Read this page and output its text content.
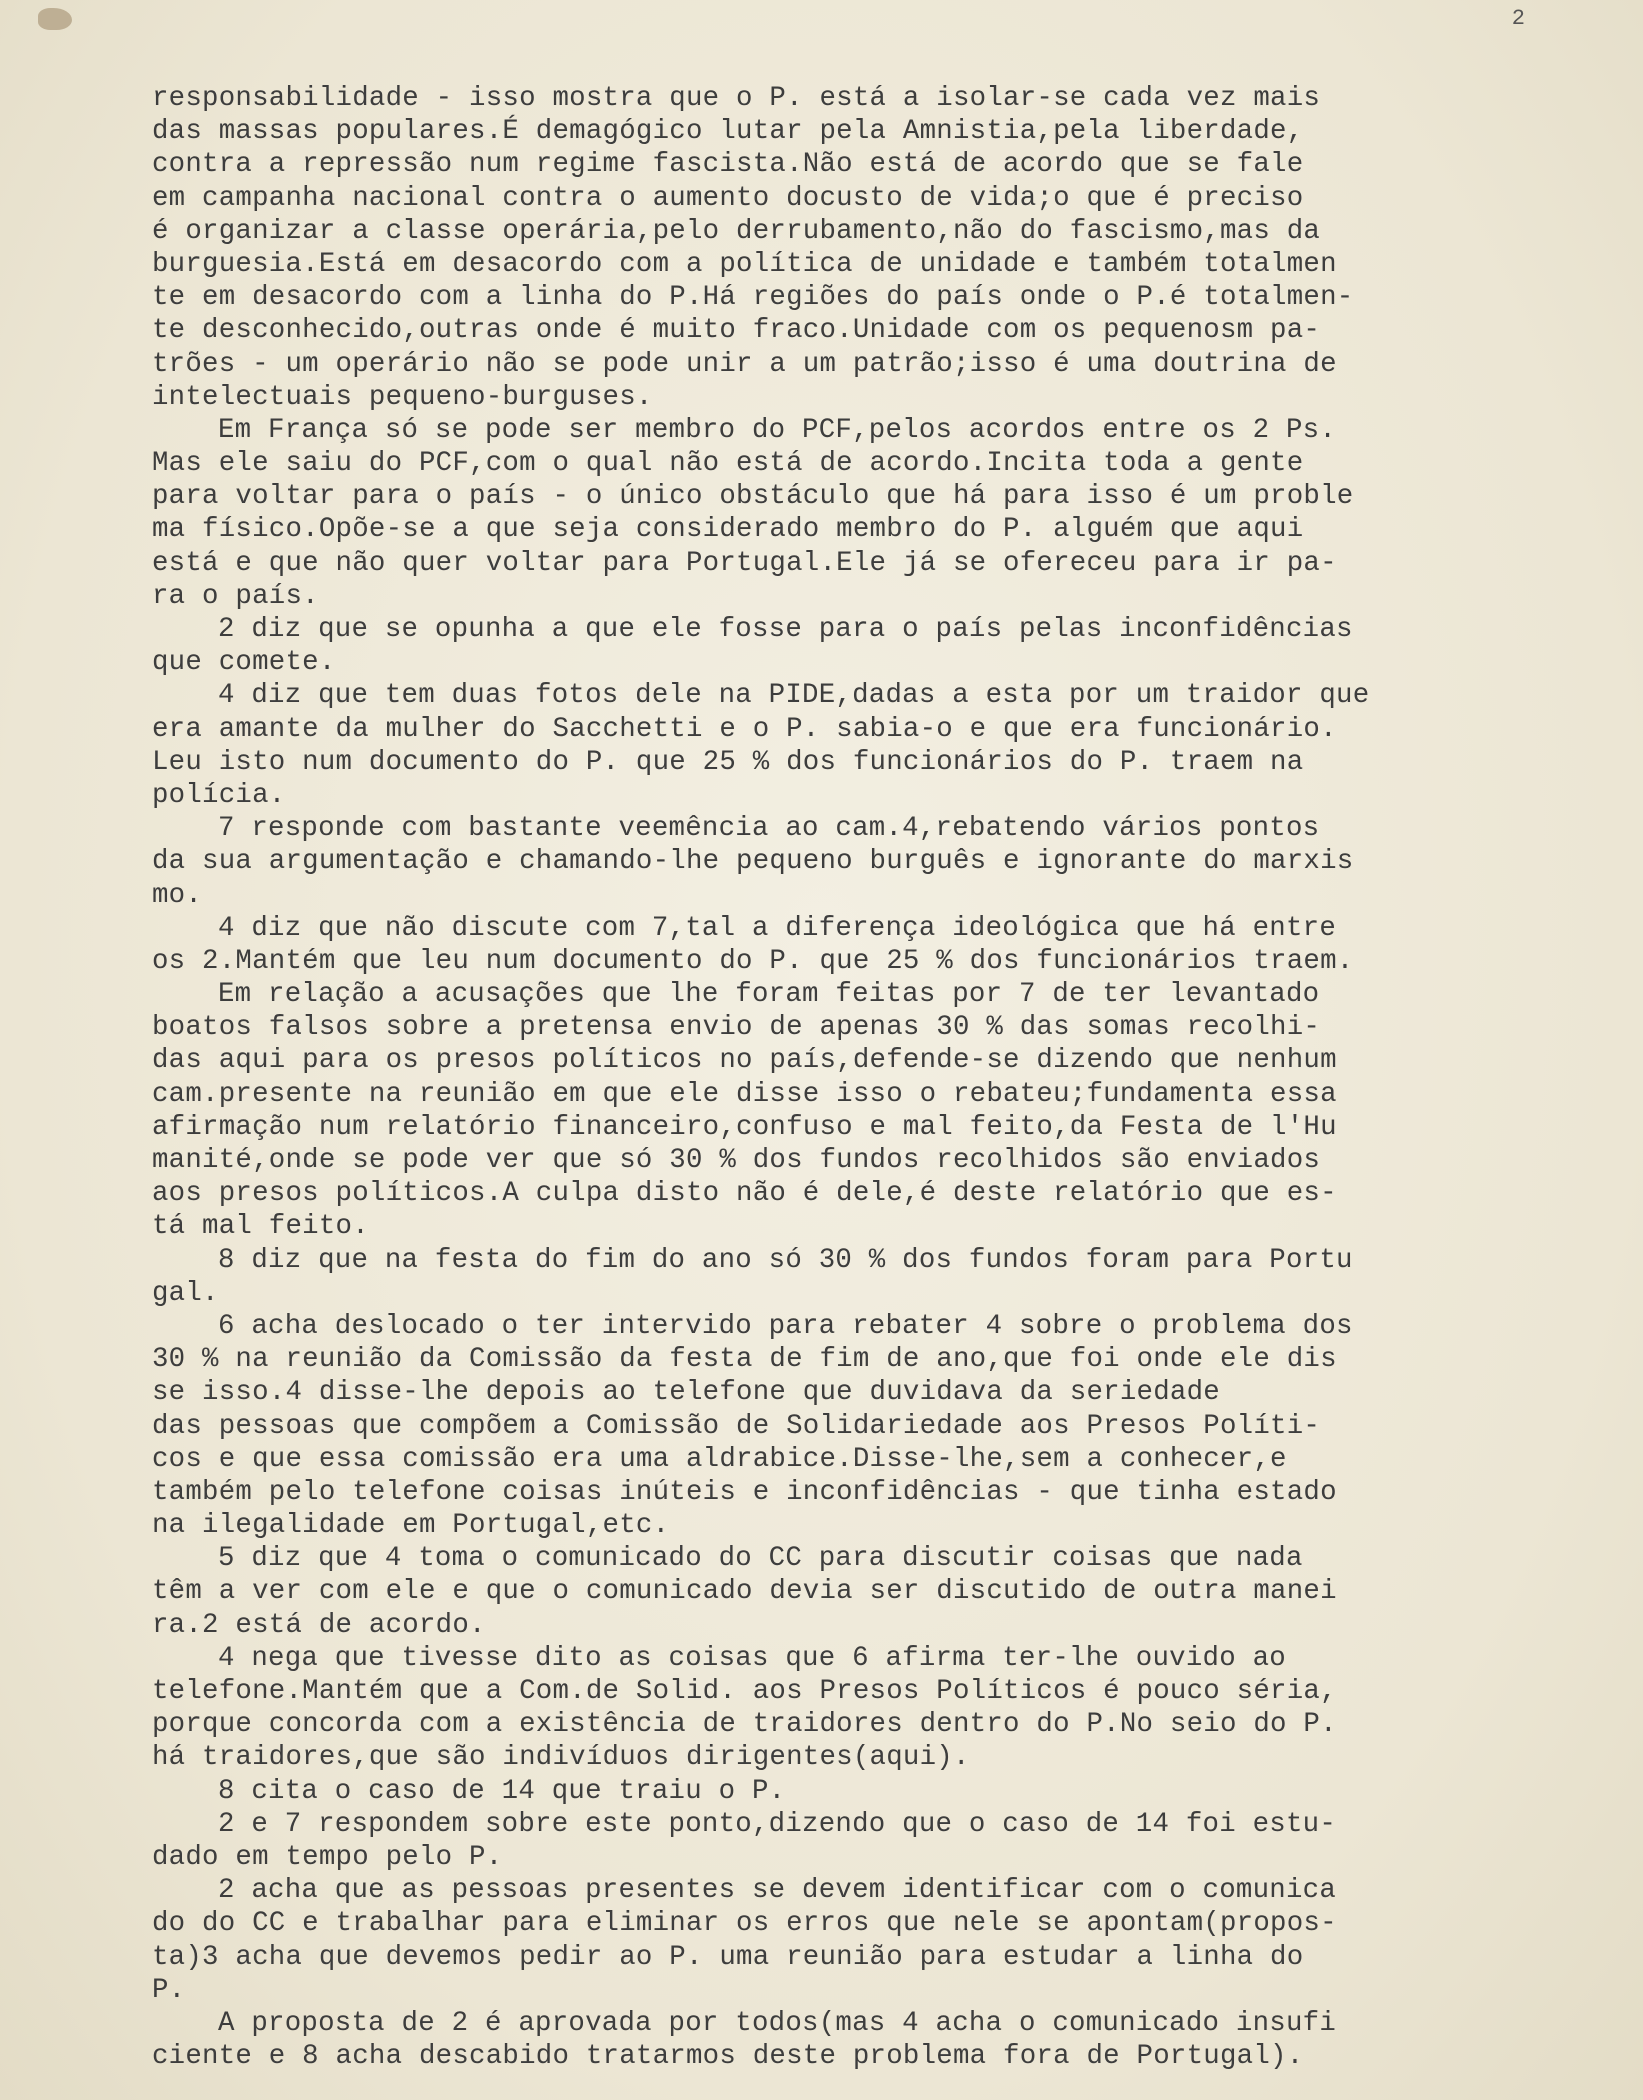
2
responsabilidade - isso mostra que o P. está a isolar-se cada vez mais
das massas populares.É demagógico lutar pela Amnistia,pela liberdade,
contra a repressão num regime fascista.Não está de acordo que se fale
em campanha nacional contra o aumento docusto de vida;o que é preciso
é organizar a classe operária,pelo derrubamento,não do fascismo,mas da
burguesia.Está em desacordo com a política de unidade e também totalmen
te em desacordo com a linha do P.Há regiões do país onde o P.é totalmen-
te desconhecido,outras onde é muito fraco.Unidade com os pequenosm pa-
trões - um operário não se pode unir a um patrão;isso é uma doutrina de
intelectuais pequeno-burguses.
Em França só se pode ser membro do PCF,pelos acordos entre os 2 Ps.
Mas ele saiu do PCF,com o qual não está de acordo.Incita toda a gente
para voltar para o país - o único obstáculo que há para isso é um proble
ma físico.Opõe-se a que seja considerado membro do P. alguém que aqui
está e que não quer voltar para Portugal.Ele já se ofereceu para ir pa-
ra o país.
2 diz que se opunha a que ele fosse para o país pelas inconfidências
que comete.
4 diz que tem duas fotos dele na PIDE,dadas a esta por um traidor que
era amante da mulher do Sacchetti e o P. sabia-o e que era funcionário.
Leu isto num documento do P. que 25 % dos funcionários do P. traem na
polícia.
7 responde com bastante veemência ao cam.4,rebatendo vários pontos
da sua argumentação e chamando-lhe pequeno burguês e ignorante do marxis
mo.
4 diz que não discute com 7,tal a diferença ideológica que há entre
os 2.Mantém que leu num documento do P. que 25 % dos funcionários traem.
Em relação a acusações que lhe foram feitas por 7 de ter levantado
boatos falsos sobre a pretensa envio de apenas 30 % das somas recolhi-
das aqui para os presos políticos no país,defende-se dizendo que nenhum
cam.presente na reunião em que ele disse isso o rebateu;fundamenta essa
afirmação num relatório financeiro,confuso e mal feito,da Festa de l'Hu
manité,onde se pode ver que só 30 % dos fundos recolhidos são enviados
aos presos políticos.A culpa disto não é dele,é deste relatório que es-
tá mal feito.
8 diz que na festa do fim do ano só 30 % dos fundos foram para Portu
gal.
6 acha deslocado o ter intervido para rebater 4 sobre o problema dos
30 % na reunião da Comissão da festa de fim de ano,que foi onde ele dis
se isso.4 disse-lhe depois ao telefone que duvidava da seriedade
das pessoas que compõem a Comissão de Solidariedade aos Presos Políti-
cos e que essa comissão era uma aldrabice.Disse-lhe,sem a conhecer,e
também pelo telefone coisas inúteis e inconfidências - que tinha estado
na ilegalidade em Portugal,etc.
5 diz que 4 toma o comunicado do CC para discutir coisas que nada
têm a ver com ele e que o comunicado devia ser discutido de outra manei
ra.2 está de acordo.
4 nega que tivesse dito as coisas que 6 afirma ter-lhe ouvido ao
telefone.Mantém que a Com.de Solid. aos Presos Políticos é pouco séria,
porque concorda com a existência de traidores dentro do P.No seio do P.
há traidores,que são indivíduos dirigentes(aqui).
8 cita o caso de 14 que traiu o P.
2 e 7 respondem sobre este ponto,dizendo que o caso de 14 foi estu-
dado em tempo pelo P.
2 acha que as pessoas presentes se devem identificar com o comunica
do do CC e trabalhar para eliminar os erros que nele se apontam(propos-
ta)3 acha que devemos pedir ao P. uma reunião para estudar a linha do
P.
A proposta de 2 é aprovada por todos(mas 4 acha o comunicado insufi
ciente e 8 acha descabido tratarmos deste problema fora de Portugal).
